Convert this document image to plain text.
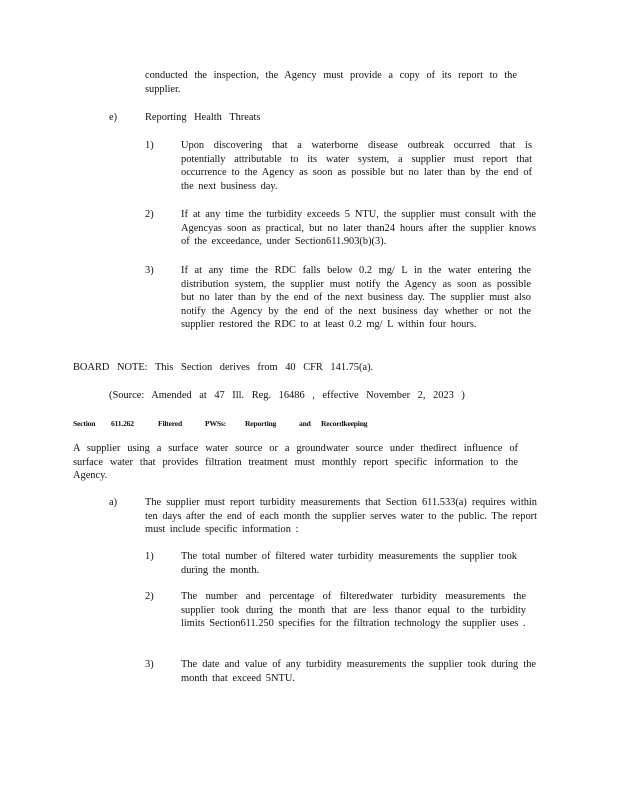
conducted the inspection, the Agency must provide a copy of its report to the supplier.
e)	Reporting Health Threats
1)	Upon discovering that a waterborne disease outbreak occurred that is potentially attributable to its water system, a supplier must report that occurrence to the Agency as soon as possible but no later than by the end of the next business day.
2)	If at any time the turbidity exceeds 5 NTU, the supplier must consult with the Agencyas soon as practical, but no later than24 hours after the supplier knows of the exceedance, under Section611.903(b)(3).
3)	If at any time the RDC falls below 0.2 mg/ L in the water entering the distribution system, the supplier must notify the Agency as soon as possible but no later than by the end of the next business day. The supplier must also notify the Agency by the end of the next business day whether or not the supplier restored the RDC to at least 0.2 mg/ L within four hours.
BOARD NOTE: This Section derives from 40 CFR 141.75(a).
(Source: Amended at 47 Ill. Reg. 16486 , effective November 2, 2023 )
Section 611.262	Filtered	PWSs:	Reporting	and Recordkeeping
A supplier using a surface water source or a groundwater source under thedirect influence of surface water that provides filtration treatment must monthly report specific information to the Agency.
a)	The supplier must report turbidity measurements that Section 611.533(a) requires within ten days after the end of each month the supplier serves water to the public. The report must include specific information :
1)	The total number of filtered water turbidity measurements the supplier took during the month.
2)	The number and percentage of filteredwater turbidity measurements the supplier took during the month that are less thanor equal to the turbidity limits Section611.250 specifies for the filtration technology the supplier uses .
3)	The date and value of any turbidity measurements the supplier took during the month that exceed 5NTU.
